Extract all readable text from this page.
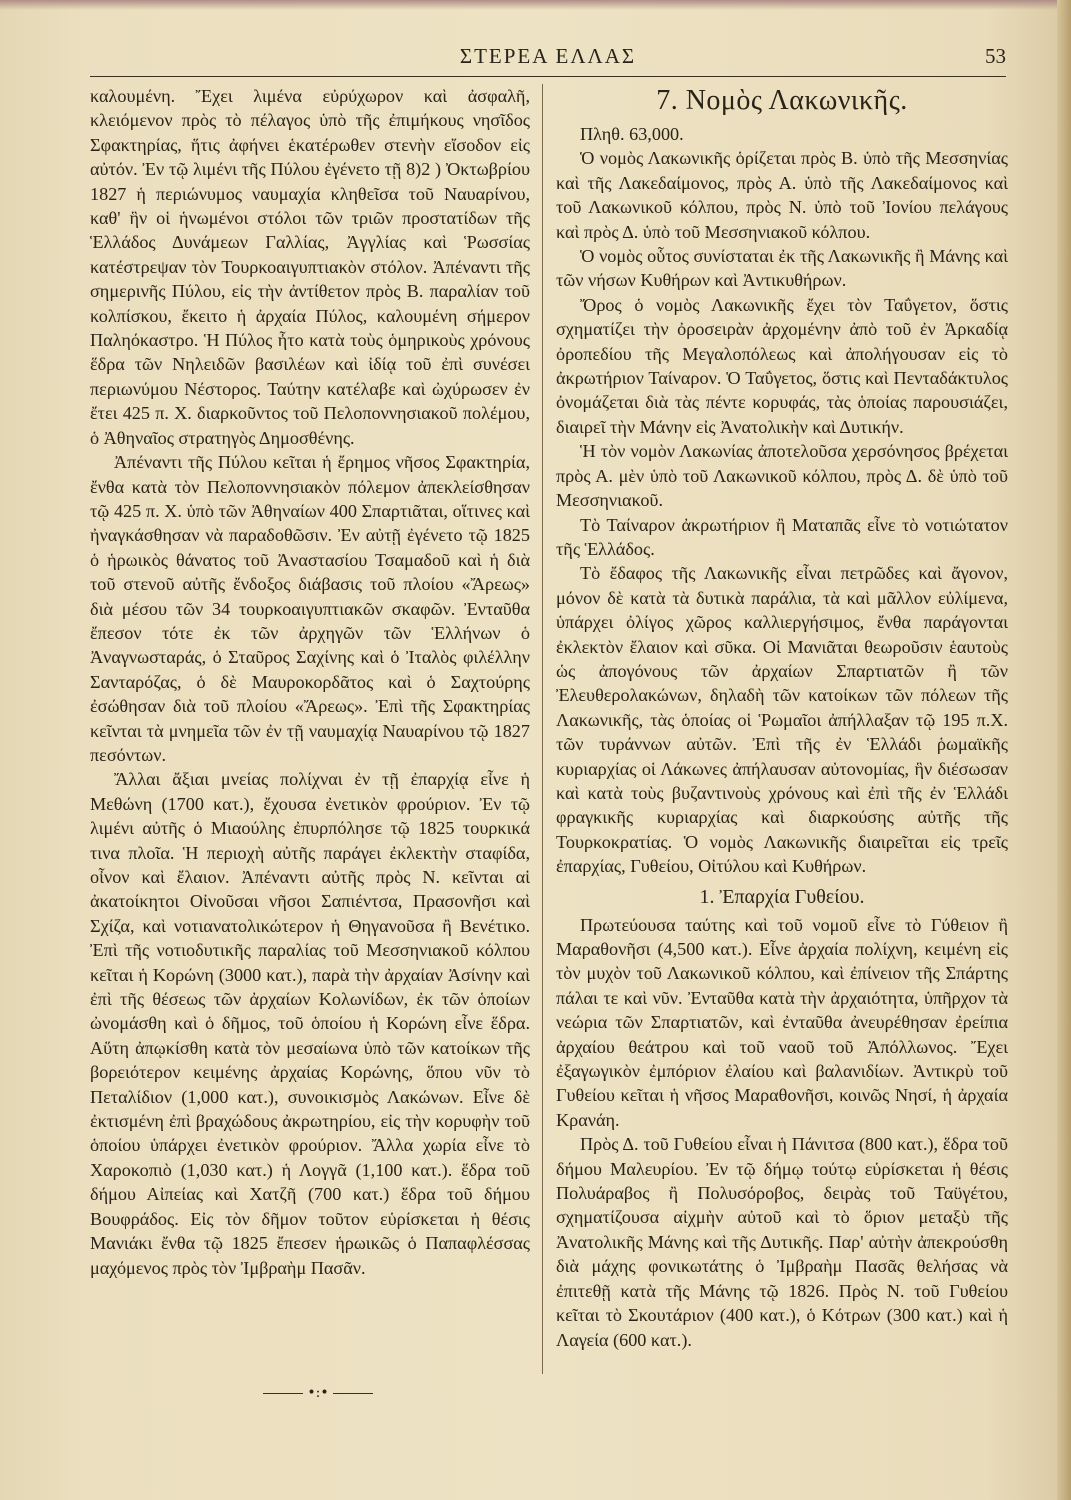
ΣΤΕΡΕΑ ΕΛΛΑΣ	53

καλουμένη. Ἔχει λιμένα εὐρύχωρον καὶ ἀσφαλῆ, κλειόμενον πρὸς τὸ πέλαγος ὑπὸ τῆς ἐπιμήκους νησῖδος Σφακτηρίας, ἥτις ἀφήνει ἑκατέρωθεν στενὴν εἴσοδον εἰς αὐτόν. Ἐν τῷ λιμένι τῆς Πύλου ἐγένετο τῇ 8)2 ) Ὀκτωβρίου 1827 ἡ περιώνυμος ναυμαχία κληθεῖσα τοῦ Ναυαρίνου, καθ' ἣν οἱ ἡνωμένοι στόλοι τῶν τριῶν προστατίδων τῆς Ἑλλάδος Δυνάμεων Γαλλίας, Ἀγγλίας καὶ Ῥωσσίας κατέστρεψαν τὸν Τουρκοαιγυπτιακὸν στόλον. Ἀπέναντι τῆς σημερινῆς Πύλου, εἰς τὴν ἀντίθετον πρὸς Β. παραλίαν τοῦ κολπίσκου, ἔκειτο ἡ ἀρχαία Πύλος, καλουμένη σήμερον Παληόκαστρο. Ἡ Πύλος ἦτο κατὰ τοὺς ὁμηρικοὺς χρόνους ἕδρα τῶν Νηλειδῶν βασιλέων καὶ ἰδίᾳ τοῦ ἐπὶ συνέσει περιωνύμου Νέστορος. Ταύτην κατέλαβε καὶ ὠχύρωσεν ἐν ἔτει 425 π. Χ. διαρκοῦντος τοῦ Πελοποννησιακοῦ πολέμου, ὁ Ἀθηναῖος στρατηγὸς Δημοσθένης.

Ἀπέναντι τῆς Πύλου κεῖται ἡ ἔρημος νῆσος Σφακτηρία, ἔνθα κατὰ τὸν Πελοποννησιακὸν πόλεμον ἀπεκλείσθησαν τῷ 425 π. Χ. ὑπὸ τῶν Ἀθηναίων 400 Σπαρτιᾶται, οἵτινες καὶ ἠναγκάσθησαν νὰ παραδοθῶσιν. Ἐν αὐτῇ ἐγένετο τῷ 1825 ὁ ἡρωικὸς θάνατος τοῦ Ἀναστασίου Τσαμαδοῦ καὶ ἡ διὰ τοῦ στενοῦ αὐτῆς ἔνδοξος διάβασις τοῦ πλοίου «Ἄρεως» διὰ μέσου τῶν 34 τουρκοαιγυπτιακῶν σκαφῶν. Ἐνταῦθα ἔπεσον τότε ἐκ τῶν ἀρχηγῶν τῶν Ἑλλήνων ὁ Ἀναγνωσταράς, ὁ Σταῦρος Σαχίνης καὶ ὁ Ἰταλὸς φιλέλλην Σανταρόζας, ὁ δὲ Μαυροκορδᾶτος καὶ ὁ Σαχτούρης ἐσώθησαν διὰ τοῦ πλοίου «Ἄρεως». Ἐπὶ τῆς Σφακτηρίας κεῖνται τὰ μνημεῖα τῶν ἐν τῇ ναυμαχίᾳ Ναυαρίνου τῷ 1827 πεσόντων.

Ἄλλαι ἄξιαι μνείας πολίχναι ἐν τῇ ἐπαρχίᾳ εἶνε ἡ Μεθώνη (1700 κατ.), ἔχουσα ἐνετικὸν φρούριον. Ἐν τῷ λιμένι αὐτῆς ὁ Μιαούλης ἐπυρπόλησε τῷ 1825 τουρκικά τινα πλοῖα. Ἡ περιοχὴ αὐτῆς παράγει ἐκλεκτὴν σταφίδα, οἶνον καὶ ἔλαιον. Ἀπέναντι αὐτῆς πρὸς Ν. κεῖνται αἱ ἀκατοίκητοι Οἰνοῦσαι νῆσοι Σαπιέντσα, Πρασονῆσι καὶ Σχίζα, καὶ νοτιανατολικώτερον ἡ Θηγανοῦσα ἢ Βενέτικο. Ἐπὶ τῆς νοτιοδυτικῆς παραλίας τοῦ Μεσσηνιακοῦ κόλπου κεῖται ἡ Κορώνη (3000 κατ.), παρὰ τὴν ἀρχαίαν Ἀσίνην καὶ ἐπὶ τῆς θέσεως τῶν ἀρχαίων Κολωνίδων, ἐκ τῶν ὁποίων ὠνομάσθη καὶ ὁ δῆμος, τοῦ ὁποίου ἡ Κορώνη εἶνε ἕδρα. Αὕτη ἀπῳκίσθη κατὰ τὸν μεσαίωνα ὑπὸ τῶν κατοίκων τῆς βορειότερον κειμένης ἀρχαίας Κορώνης, ὅπου νῦν τὸ Πεταλίδιον (1,000 κατ.), συνοικισμὸς Λακώνων. Εἶνε δὲ ἐκτισμένη ἐπὶ βραχώδους ἀκρωτηρίου, εἰς τὴν κορυφὴν τοῦ ὁποίου ὑπάρχει ἐνετικὸν φρούριον. Ἄλλα χωρία εἶνε τὸ Χαροκοπιὸ (1,030 κατ.) ἡ Λογγᾶ (1,100 κατ.). ἕδρα τοῦ δήμου Αἰπείας καὶ Χατζῆ (700 κατ.) ἕδρα τοῦ δήμου Βουφράδος. Εἰς τὸν δῆμον τοῦτον εὑρίσκεται ἡ θέσις Μανιάκι ἔνθα τῷ 1825 ἔπεσεν ἡρωικῶς ὁ Παπαφλέσσας μαχόμενος πρὸς τὸν Ἰμβραὴμ Πασᾶν.

7. Νομὸς Λακωνικῆς.

Πληθ. 63,000.

Ὁ νομὸς Λακωνικῆς ὁρίζεται πρὸς Β. ὑπὸ τῆς Μεσσηνίας καὶ τῆς Λακεδαίμονος, πρὸς Α. ὑπὸ τῆς Λακεδαίμονος καὶ τοῦ Λακωνικοῦ κόλπου, πρὸς Ν. ὑπὸ τοῦ Ἰονίου πελάγους καὶ πρὸς Δ. ὑπὸ τοῦ Μεσσηνιακοῦ κόλπου.

Ὁ νομὸς οὗτος συνίσταται ἐκ τῆς Λακωνικῆς ἢ Μάνης καὶ τῶν νήσων Κυθήρων καὶ Ἀντικυθήρων.

Ὄρος ὁ νομὸς Λακωνικῆς ἔχει τὸν Ταΰγετον, ὅστις σχηματίζει τὴν ὀροσειρὰν ἀρχομένην ἀπὸ τοῦ ἐν Ἀρκαδίᾳ ὀροπεδίου τῆς Μεγαλοπόλεως καὶ ἀπολήγουσαν εἰς τὸ ἀκρωτήριον Ταίναρον. Ὁ Ταΰγετος, ὅστις καὶ Πενταδάκτυλος ὀνομάζεται διὰ τὰς πέντε κορυφάς, τὰς ὁποίας παρουσιάζει, διαιρεῖ τὴν Μάνην εἰς Ἀνατολικὴν καὶ Δυτικήν.

Ἡ τὸν νομὸν Λακωνίας ἀποτελοῦσα χερσόνησος βρέχεται πρὸς Α. μὲν ὑπὸ τοῦ Λακωνικοῦ κόλπου, πρὸς Δ. δὲ ὑπὸ τοῦ Μεσσηνιακοῦ.

Τὸ Ταίναρον ἀκρωτήριον ἢ Ματαπᾶς εἶνε τὸ νοτιώτατον τῆς Ἑλλάδος.

Τὸ ἔδαφος τῆς Λακωνικῆς εἶναι πετρῶδες καὶ ἄγονον, μόνον δὲ κατὰ τὰ δυτικὰ παράλια, τὰ καὶ μᾶλλον εὐλίμενα, ὑπάρχει ὀλίγος χῶρος καλλιεργήσιμος, ἔνθα παράγονται ἐκλεκτὸν ἔλαιον καὶ σῦκα. Οἱ Μανιᾶται θεωροῦσιν ἑαυτοὺς ὡς ἀπογόνους τῶν ἀρχαίων Σπαρτιατῶν ἢ τῶν Ἐλευθερολακώνων, δηλαδὴ τῶν κατοίκων τῶν πόλεων τῆς Λακωνικῆς, τὰς ὁποίας οἱ Ῥωμαῖοι ἀπήλλαξαν τῷ 195 π.Χ. τῶν τυράννων αὐτῶν. Ἐπὶ τῆς ἐν Ἑλλάδι ῥωμαϊκῆς κυριαρχίας οἱ Λάκωνες ἀπήλαυσαν αὐτονομίας, ἣν διέσωσαν καὶ κατὰ τοὺς βυζαντινοὺς χρόνους καὶ ἐπὶ τῆς ἐν Ἑλλάδι φραγκικῆς κυριαρχίας καὶ διαρκούσης αὐτῆς τῆς Τουρκοκρατίας. Ὁ νομὸς Λακωνικῆς διαιρεῖται εἰς τρεῖς ἐπαρχίας, Γυθείου, Οἰτύλου καὶ Κυθήρων.

1. Ἐπαρχία Γυθείου.

Πρωτεύουσα ταύτης καὶ τοῦ νομοῦ εἶνε τὸ Γύθειον ἢ Μαραθονῆσι (4,500 κατ.). Εἶνε ἀρχαία πολίχνη, κειμένη εἰς τὸν μυχὸν τοῦ Λακωνικοῦ κόλπου, καὶ ἐπίνειον τῆς Σπάρτης πάλαι τε καὶ νῦν. Ἐνταῦθα κατὰ τὴν ἀρχαιότητα, ὑπῆρχον τὰ νεώρια τῶν Σπαρτιατῶν, καὶ ἐνταῦθα ἀνευρέθησαν ἐρείπια ἀρχαίου θεάτρου καὶ τοῦ ναοῦ τοῦ Ἀπόλλωνος. Ἔχει ἐξαγωγικὸν ἐμπόριον ἐλαίου καὶ βαλανιδίων. Ἀντικρὺ τοῦ Γυθείου κεῖται ἡ νῆσος Μαραθονῆσι, κοινῶς Νησί, ἡ ἀρχαία Κρανάη.

Πρὸς Δ. τοῦ Γυθείου εἶναι ἡ Πάνιτσα (800 κατ.), ἕδρα τοῦ δήμου Μαλευρίου. Ἐν τῷ δήμῳ τούτῳ εὑρίσκεται ἡ θέσις Πολυάραβος ἢ Πολυσόροβος, δειρὰς τοῦ Ταϋγέτου, σχηματίζουσα αἰχμὴν αὐτοῦ καὶ τὸ ὅριον μεταξὺ τῆς Ἀνατολικῆς Μάνης καὶ τῆς Δυτικῆς. Παρ' αὐτὴν ἀπεκρούσθη διὰ μάχης φονικωτάτης ὁ Ἰμβραὴμ Πασᾶς θελήσας νὰ ἐπιτεθῇ κατὰ τῆς Μάνης τῷ 1826. Πρὸς Ν. τοῦ Γυθείου κεῖται τὸ Σκουτάριον (400 κατ.), ὁ Κότρων (300 κατ.) καὶ ἡ Λαγεία (600 κατ.).

•:•
